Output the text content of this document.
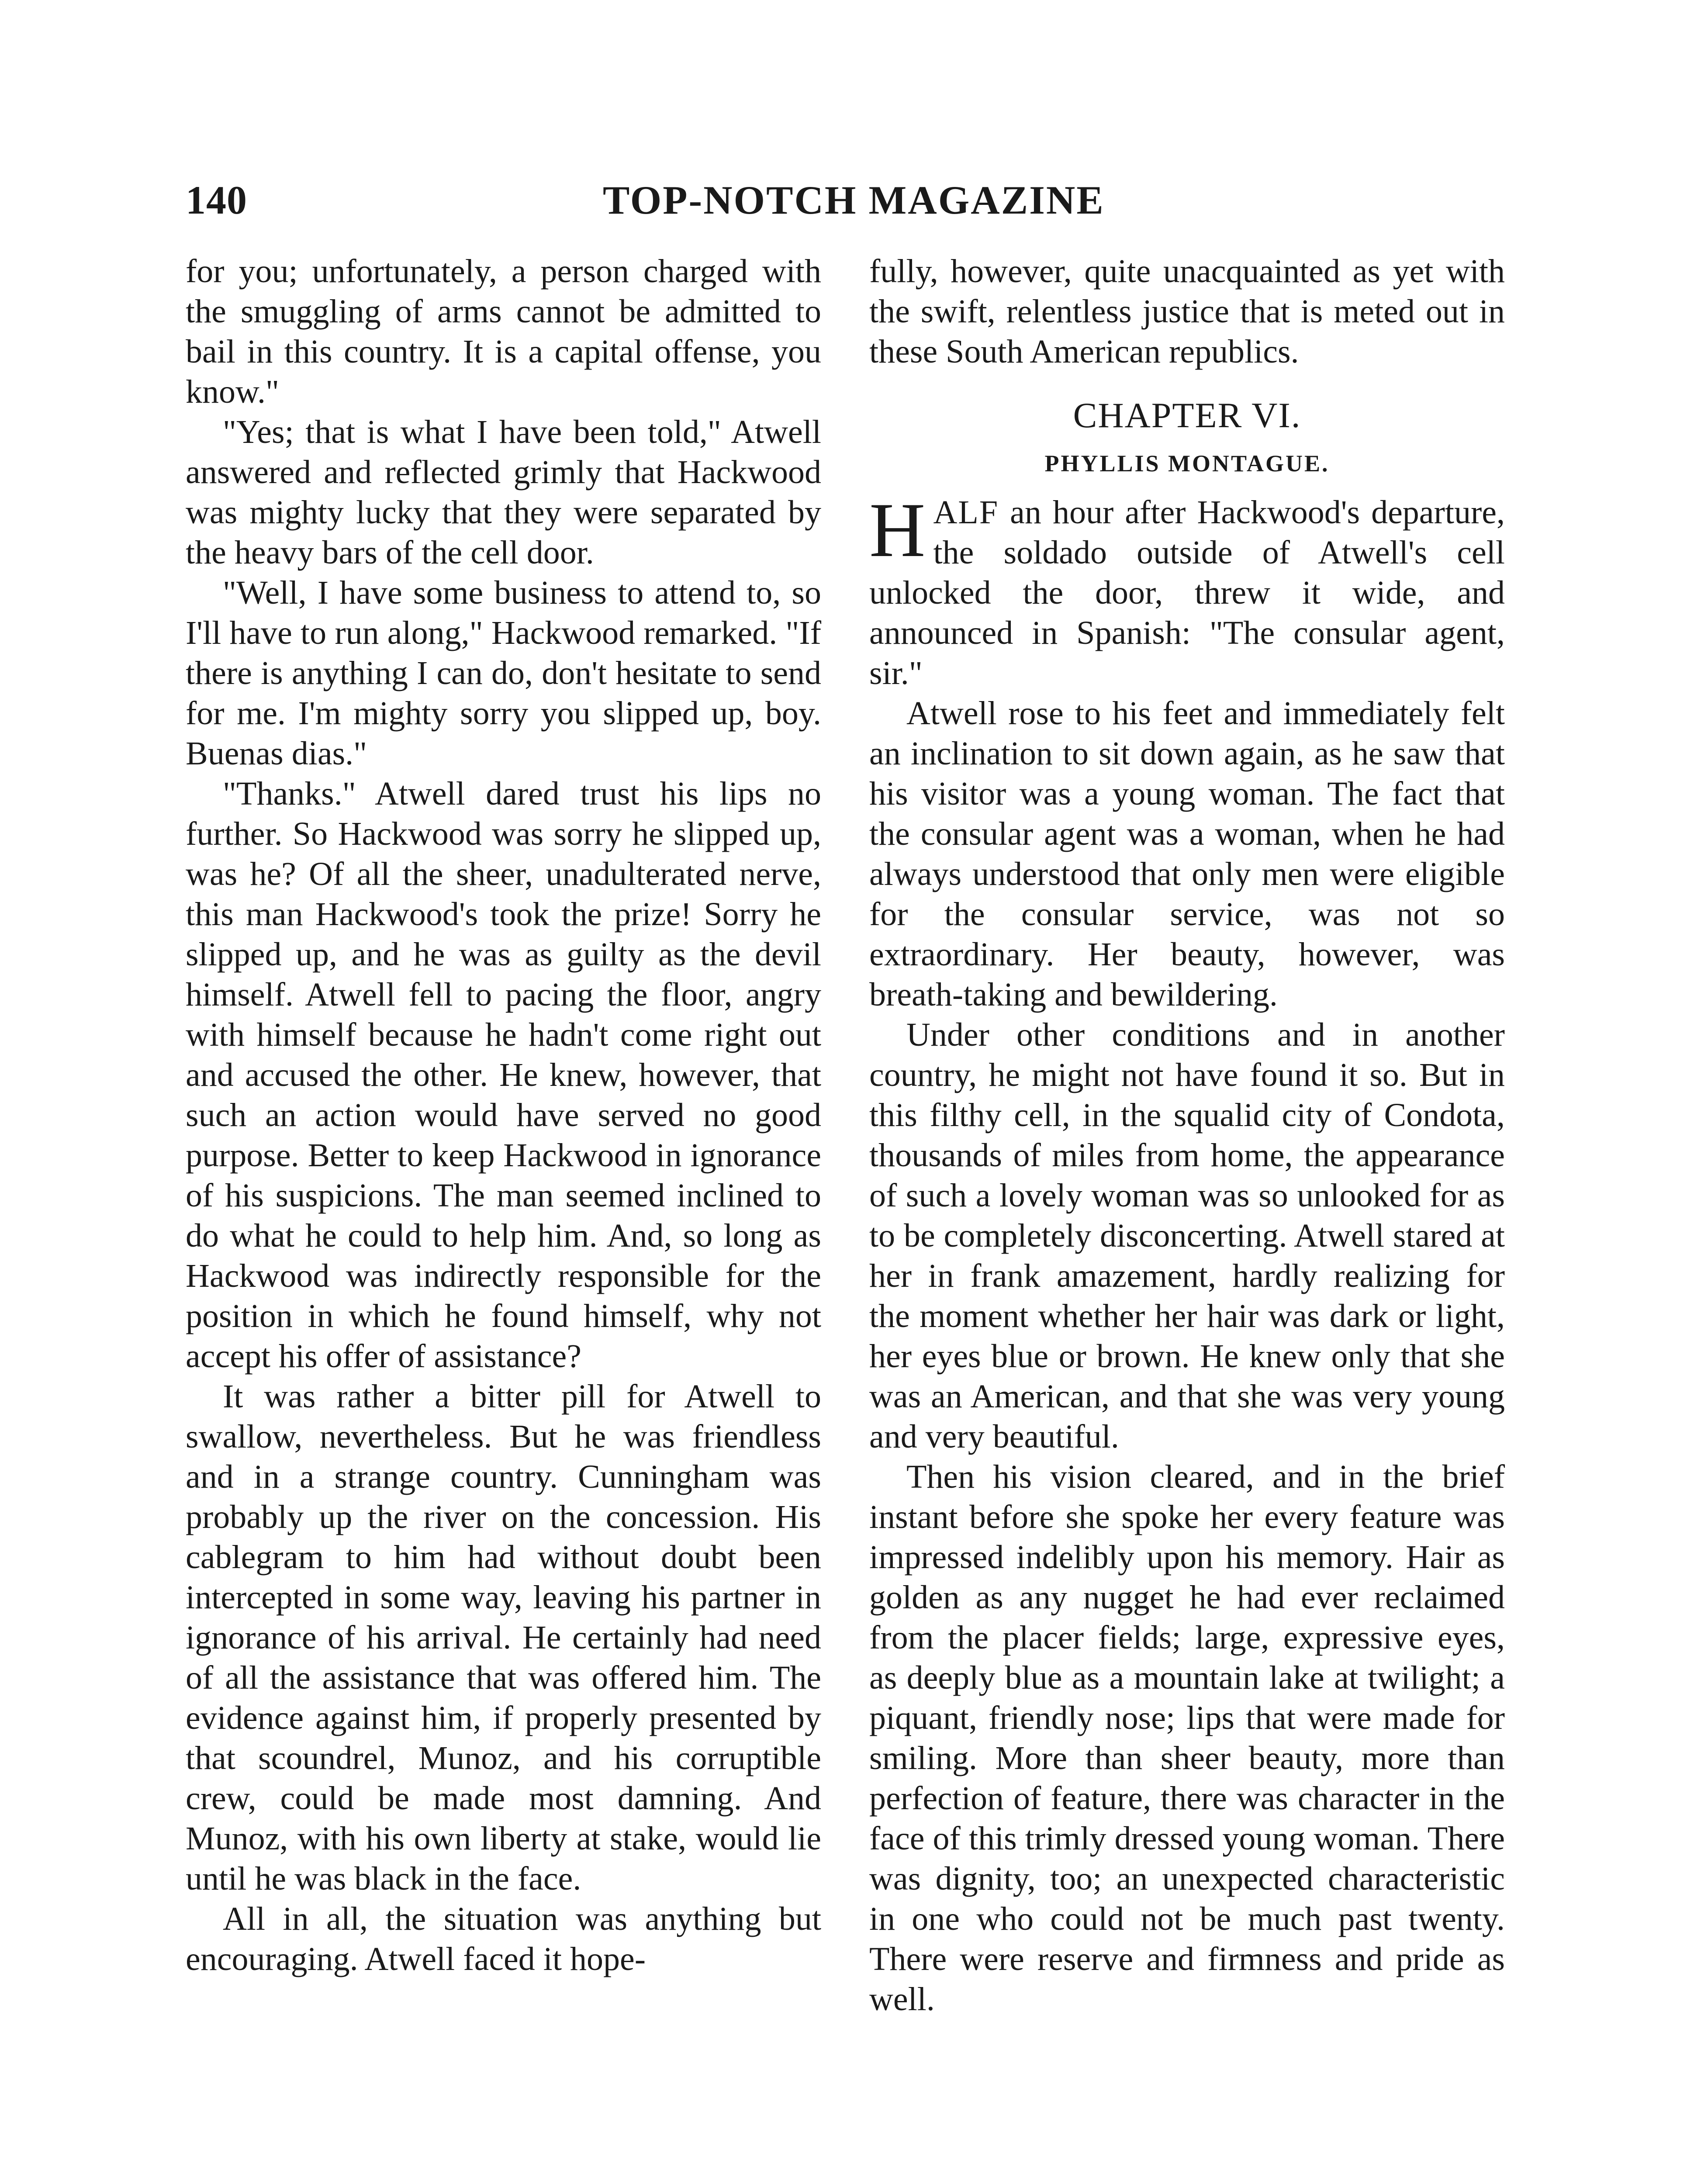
140	TOP-NOTCH MAGAZINE

for you; unfortunately, a person charged with the smuggling of arms cannot be admitted to bail in this country. It is a capital offense, you know."

"Yes; that is what I have been told," Atwell answered and reflected grimly that Hackwood was mighty lucky that they were separated by the heavy bars of the cell door.

"Well, I have some business to attend to, so I'll have to run along," Hackwood remarked. "If there is anything I can do, don't hesitate to send for me. I'm mighty sorry you slipped up, boy. Buenas dias."

"Thanks." Atwell dared trust his lips no further. So Hackwood was sorry he slipped up, was he? Of all the sheer, unadulterated nerve, this man Hackwood's took the prize! Sorry he slipped up, and he was as guilty as the devil himself. Atwell fell to pacing the floor, angry with himself because he hadn't come right out and accused the other. He knew, however, that such an action would have served no good purpose. Better to keep Hackwood in ignorance of his suspicions. The man seemed inclined to do what he could to help him. And, so long as Hackwood was indirectly responsible for the position in which he found himself, why not accept his offer of assistance?

It was rather a bitter pill for Atwell to swallow, nevertheless. But he was friendless and in a strange country. Cunningham was probably up the river on the concession. His cablegram to him had without doubt been intercepted in some way, leaving his partner in ignorance of his arrival. He certainly had need of all the assistance that was offered him. The evidence against him, if properly presented by that scoundrel, Munoz, and his corruptible crew, could be made most damning. And Munoz, with his own liberty at stake, would lie until he was black in the face.

All in all, the situation was anything but encouraging. Atwell faced it hope-

fully, however, quite unacquainted as yet with the swift, relentless justice that is meted out in these South American republics.

CHAPTER VI.
PHYLLIS MONTAGUE.

HALF an hour after Hackwood's departure, the soldado outside of Atwell's cell unlocked the door, threw it wide, and announced in Spanish: "The consular agent, sir."

Atwell rose to his feet and immediately felt an inclination to sit down again, as he saw that his visitor was a young woman. The fact that the consular agent was a woman, when he had always understood that only men were eligible for the consular service, was not so extraordinary. Her beauty, however, was breath-taking and bewildering.

Under other conditions and in another country, he might not have found it so. But in this filthy cell, in the squalid city of Condota, thousands of miles from home, the appearance of such a lovely woman was so unlooked for as to be completely disconcerting. Atwell stared at her in frank amazement, hardly realizing for the moment whether her hair was dark or light, her eyes blue or brown. He knew only that she was an American, and that she was very young and very beautiful.

Then his vision cleared, and in the brief instant before she spoke her every feature was impressed indelibly upon his memory. Hair as golden as any nugget he had ever reclaimed from the placer fields; large, expressive eyes, as deeply blue as a mountain lake at twilight; a piquant, friendly nose; lips that were made for smiling. More than sheer beauty, more than perfection of feature, there was character in the face of this trimly dressed young woman. There was dignity, too; an unexpected characteristic in one who could not be much past twenty. There were reserve and firmness and pride as well.
